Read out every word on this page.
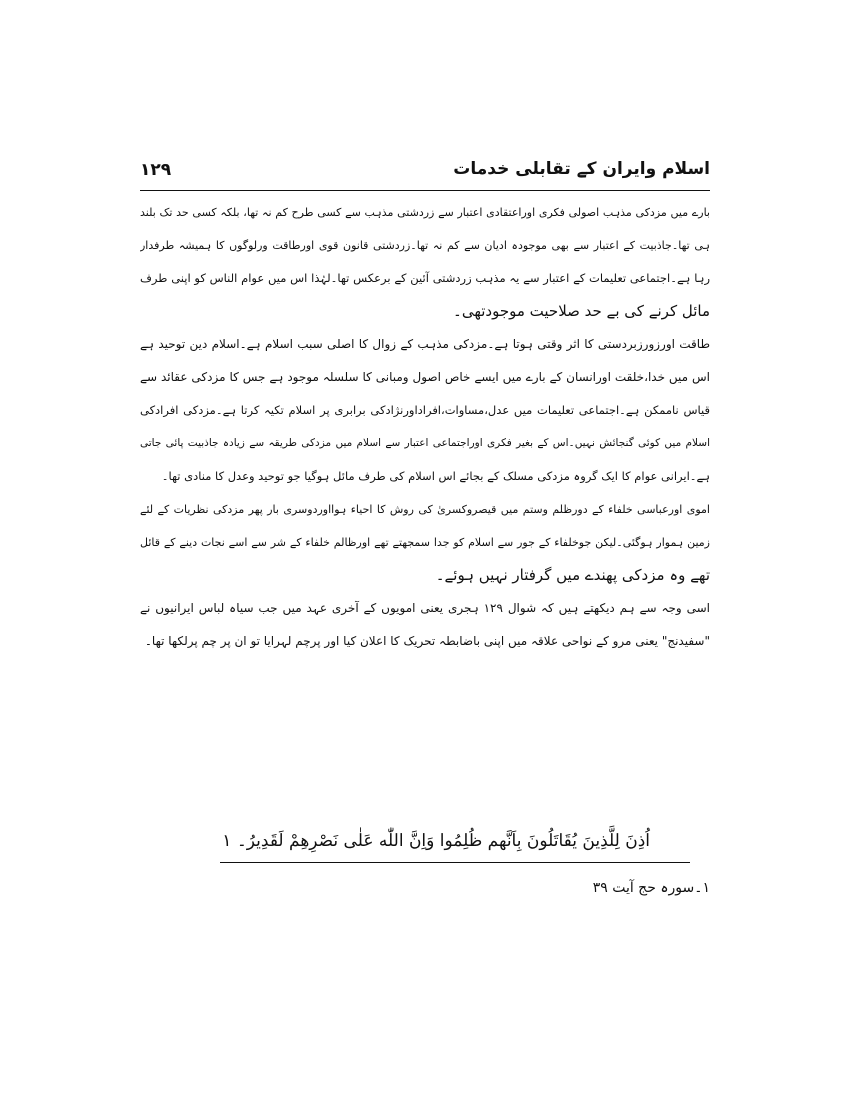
۱۲۹	اسلام وایران کے تقابلی خدمات
بارے میں مزدکی مذہب اصولی فکری اوراعتقادی اعتبار سے زردشتی مذہب سے کسی طرح کم نہ تھا، بلکہ کسی حد تک بلند
ہی تھا۔جاذبیت کے اعتبار سے بھی موجودہ ادیان سے کم نہ تھا۔زردشتی قانون قوی اورطاقت ورلوگوں کا ہمیشہ طرفدار
رہا ہے۔اجتماعی تعلیمات کے اعتبار سے یہ مذہب زردشتی آئین کے برعکس تھا۔لہٰذا اس میں عوام الناس کو اپنی طرف
مائل کرنے کی بے حد صلاحیت موجودتھی۔
طاقت اورزورزبردستی کا اثر وقتی ہوتا ہے۔مزدکی مذہب کے زوال کا اصلی سبب اسلام ہے۔اسلام دین توحید ہے
اس میں خدا،خلقت اورانسان کے بارے میں ایسے خاص اصول ومبانی کا سلسلہ موجود ہے جس کا مزدکی عقائد سے
قیاس ناممکن ہے۔اجتماعی تعلیمات میں عدل،مساوات،افراداورنژادکی برابری پر اسلام تکیہ کرتا ہے۔مزدکی افرادکی
اسلام میں کوئی گنجائش نہیں۔اس کے بغیر فکری اوراجتماعی اعتبار سے اسلام میں مزدکی طریقہ سے زیادہ جاذبیت پائی جاتی
ہے۔ایرانی عوام کا ایک گروہ مزدکی مسلک کے بجائے اس اسلام کی طرف مائل ہوگیا جو توحید وعدل کا منادی تھا۔
اموی اورعباسی خلفاء کے دورظلم وستم میں قیصروکسریٰ کی روش کا احیاء ہوااوردوسری بار پھر مزدکی نظریات کے لئے
زمین ہموار ہوگئی۔لیکن جوخلفاء کے جور سے اسلام کو جدا سمجھتے تھے اورظالم خلفاء کے شر سے اسے نجات دینے کے قائل
تھے وہ مزدکی پھندے میں گرفتار نہیں ہوئے۔
اسی وجہ سے ہم دیکھتے ہیں کہ شوال ۱۲۹ ہجری یعنی امویوں کے آخری عہد میں جب سیاہ لباس ایرانیوں نے
"سفیدنج" یعنی مرو کے نواحی علاقہ میں اپنی باضابطہ تحریک کا اعلان کیا اور پرچم لہرایا تو ان پر چم پرلکھا تھا۔
اُذِنَ لِلَّذِينَ يُقَاتَلُونَ بِاَنَّهم ظُلِمُوا وَاِنَّ اللّٰه عَلٰى نَصْرِهِمْ لَقَدِيرُ۔ ۱
۱۔سورہ حج آیت ۳۹
